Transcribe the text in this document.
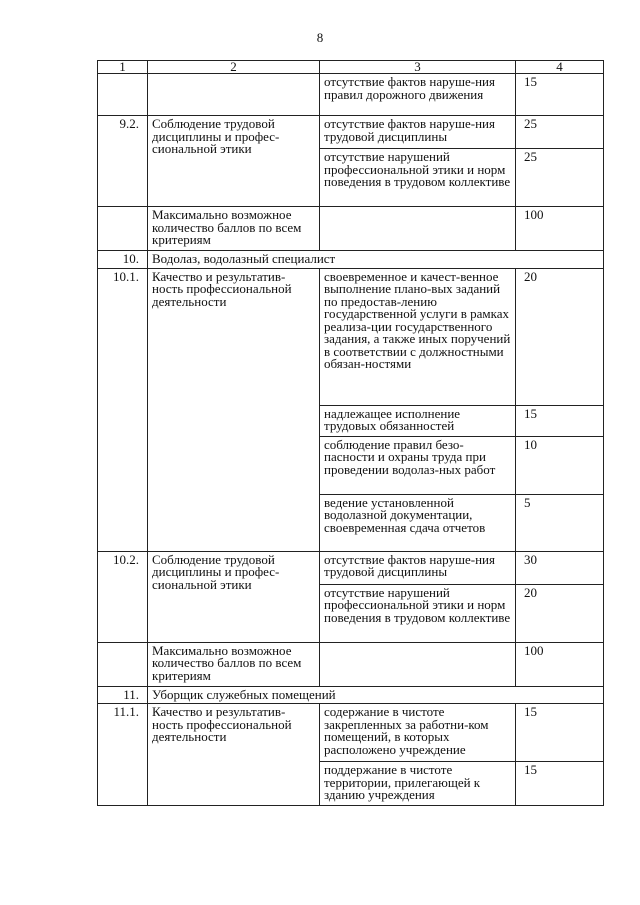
8
1	2	3	4
		отсутствие фактов наруше-ния правил дорожного движения	15
9.2.	Соблюдение трудовой дисциплины и профес-сиональной этики	отсутствие фактов наруше-ния трудовой дисциплины	25
		отсутствие нарушений профессиональной этики и норм поведения в трудовом коллективе	25
	Максимально возможное количество баллов по всем критериям		100
10.	Водолаз, водолазный специалист		
10.1.	Качество и результатив-ность профессиональной деятельности	своевременное и качест-венное выполнение плано-вых заданий по предостав-лению государственной услуги в рамках реализа-ции государственного задания, а также иных поручений в соответствии с должностными обязан-ностями	20
		надлежащее исполнение трудовых обязанностей	15
		соблюдение правил безо-пасности и охраны труда при проведении водолаз-ных работ	10
		ведение установленной водолазной документации, своевременная сдача отчетов	5
10.2.	Соблюдение трудовой дисциплины и профес-сиональной этики	отсутствие фактов наруше-ния трудовой дисциплины	30
		отсутствие нарушений профессиональной этики и норм поведения в трудовом коллективе	20
	Максимально возможное количество баллов по всем критериям		100
11.	Уборщик служебных помещений		
11.1.	Качество и результатив-ность профессиональной деятельности	содержание в чистоте закрепленных за работни-ком помещений, в которых расположено учреждение	15
		поддержание в чистоте территории, прилегающей к зданию учреждения	15
